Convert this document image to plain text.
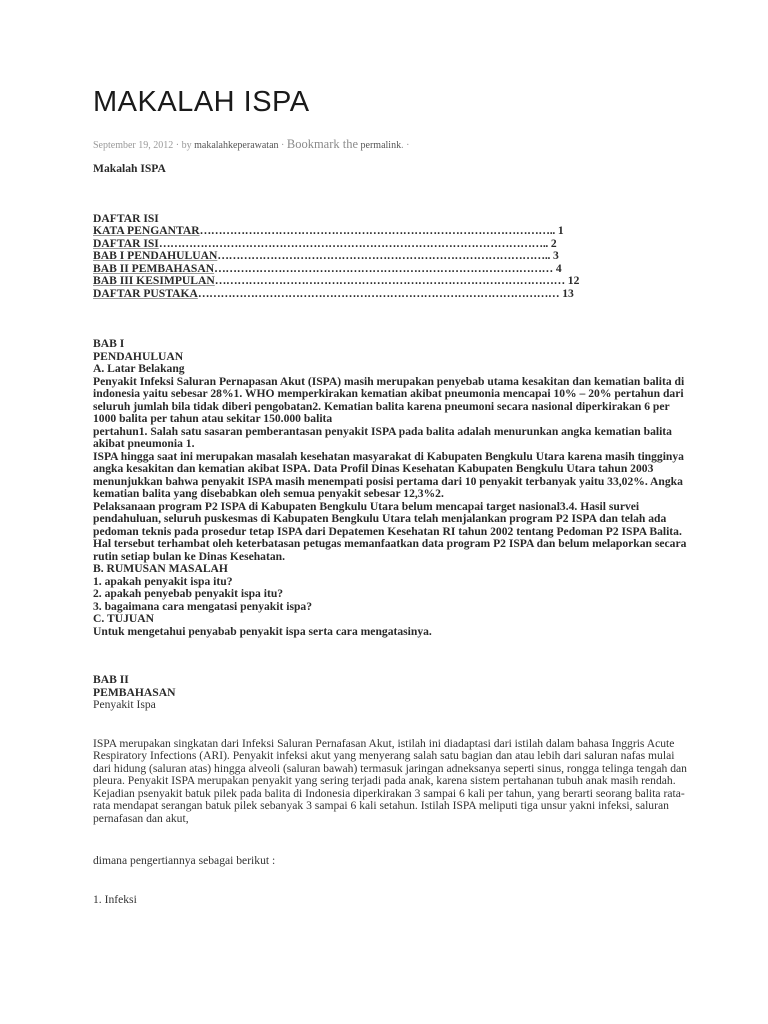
MAKALAH ISPA
September 19, 2012 · by makalahkeperawatan · Bookmark the permalink. ·

Makalah ISPA

DAFTAR ISI
KATA PENGANTAR………………………………………………………………………………….. 1
DAFTAR ISI………………………………………………………………………………………….. 2
BAB I PENDAHULUAN…………………………………………………………………………….. 3
BAB II PEMBAHASAN……………………………………………………………………………… 4
BAB III KESIMPULAN………………………………………………………………………………… 12
DAFTAR PUSTAKA…………………………………………………………………………………… 13

BAB I

PENDAHULUAN

A. Latar Belakang

Penyakit Infeksi Saluran Pernapasan Akut (ISPA) masih merupakan penyebab utama kesakitan dan kematian balita di indonesia yaitu sebesar 28%1. WHO memperkirakan kematian akibat pneumonia mencapai 10% – 20% pertahun dari seluruh jumlah bila tidak diberi pengobatan2. Kematian balita karena pneumoni secara nasional diperkirakan 6 per 1000 balita per tahun atau sekitar 150.000 balita

pertahun1. Salah satu sasaran pemberantasan penyakit ISPA pada balita adalah menurunkan angka kematian balita akibat pneumonia 1.

ISPA hingga saat ini merupakan masalah kesehatan masyarakat di Kabupaten Bengkulu Utara karena masih tingginya angka kesakitan dan kematian akibat ISPA. Data Profil Dinas Kesehatan Kabupaten Bengkulu Utara tahun 2003 menunjukkan bahwa penyakit ISPA masih menempati posisi pertama dari 10 penyakit terbanyak yaitu 33,02%. Angka kematian balita yang disebabkan oleh semua penyakit sebesar 12,3%2.

Pelaksanaan program P2 ISPA di Kabupaten Bengkulu Utara belum mencapai target nasional3.4. Hasil survei pendahuluan, seluruh puskesmas di Kabupaten Bengkulu Utara telah menjalankan program P2 ISPA dan telah ada pedoman teknis pada prosedur tetap ISPA dari Depatemen Kesehatan RI tahun 2002 tentang Pedoman P2 ISPA Balita. Hal tersebut terhambat oleh keterbatasan petugas memanfaatkan data program P2 ISPA dan belum melaporkan secara rutin setiap bulan ke Dinas Kesehatan.

B. RUMUSAN MASALAH

1. apakah penyakit ispa itu?

2. apakah penyebab penyakit ispa itu?

3. bagaimana cara mengatasi penyakit ispa?

C. TUJUAN

Untuk mengetahui penyabab penyakit ispa serta cara mengatasinya.

BAB II

PEMBAHASAN

Penyakit Ispa

ISPA merupakan singkatan dari Infeksi Saluran Pernafasan Akut, istilah ini diadaptasi dari istilah dalam bahasa Inggris Acute Respiratory Infections (ARI). Penyakit infeksi akut yang menyerang salah satu bagian dan atau lebih dari saluran nafas mulai dari hidung (saluran atas) hingga alveoli (saluran bawah) termasuk jaringan adneksanya seperti sinus, rongga telinga tengah dan pleura. Penyakit ISPA merupakan penyakit yang sering terjadi pada anak, karena sistem pertahanan tubuh anak masih rendah. Kejadian psenyakit batuk pilek pada balita di Indonesia diperkirakan 3 sampai 6 kali per tahun, yang berarti seorang balita rata-rata mendapat serangan batuk pilek sebanyak 3 sampai 6 kali setahun. Istilah ISPA meliputi tiga unsur yakni infeksi, saluran pernafasan dan akut,

dimana pengertiannya sebagai berikut :

1. Infeksi
